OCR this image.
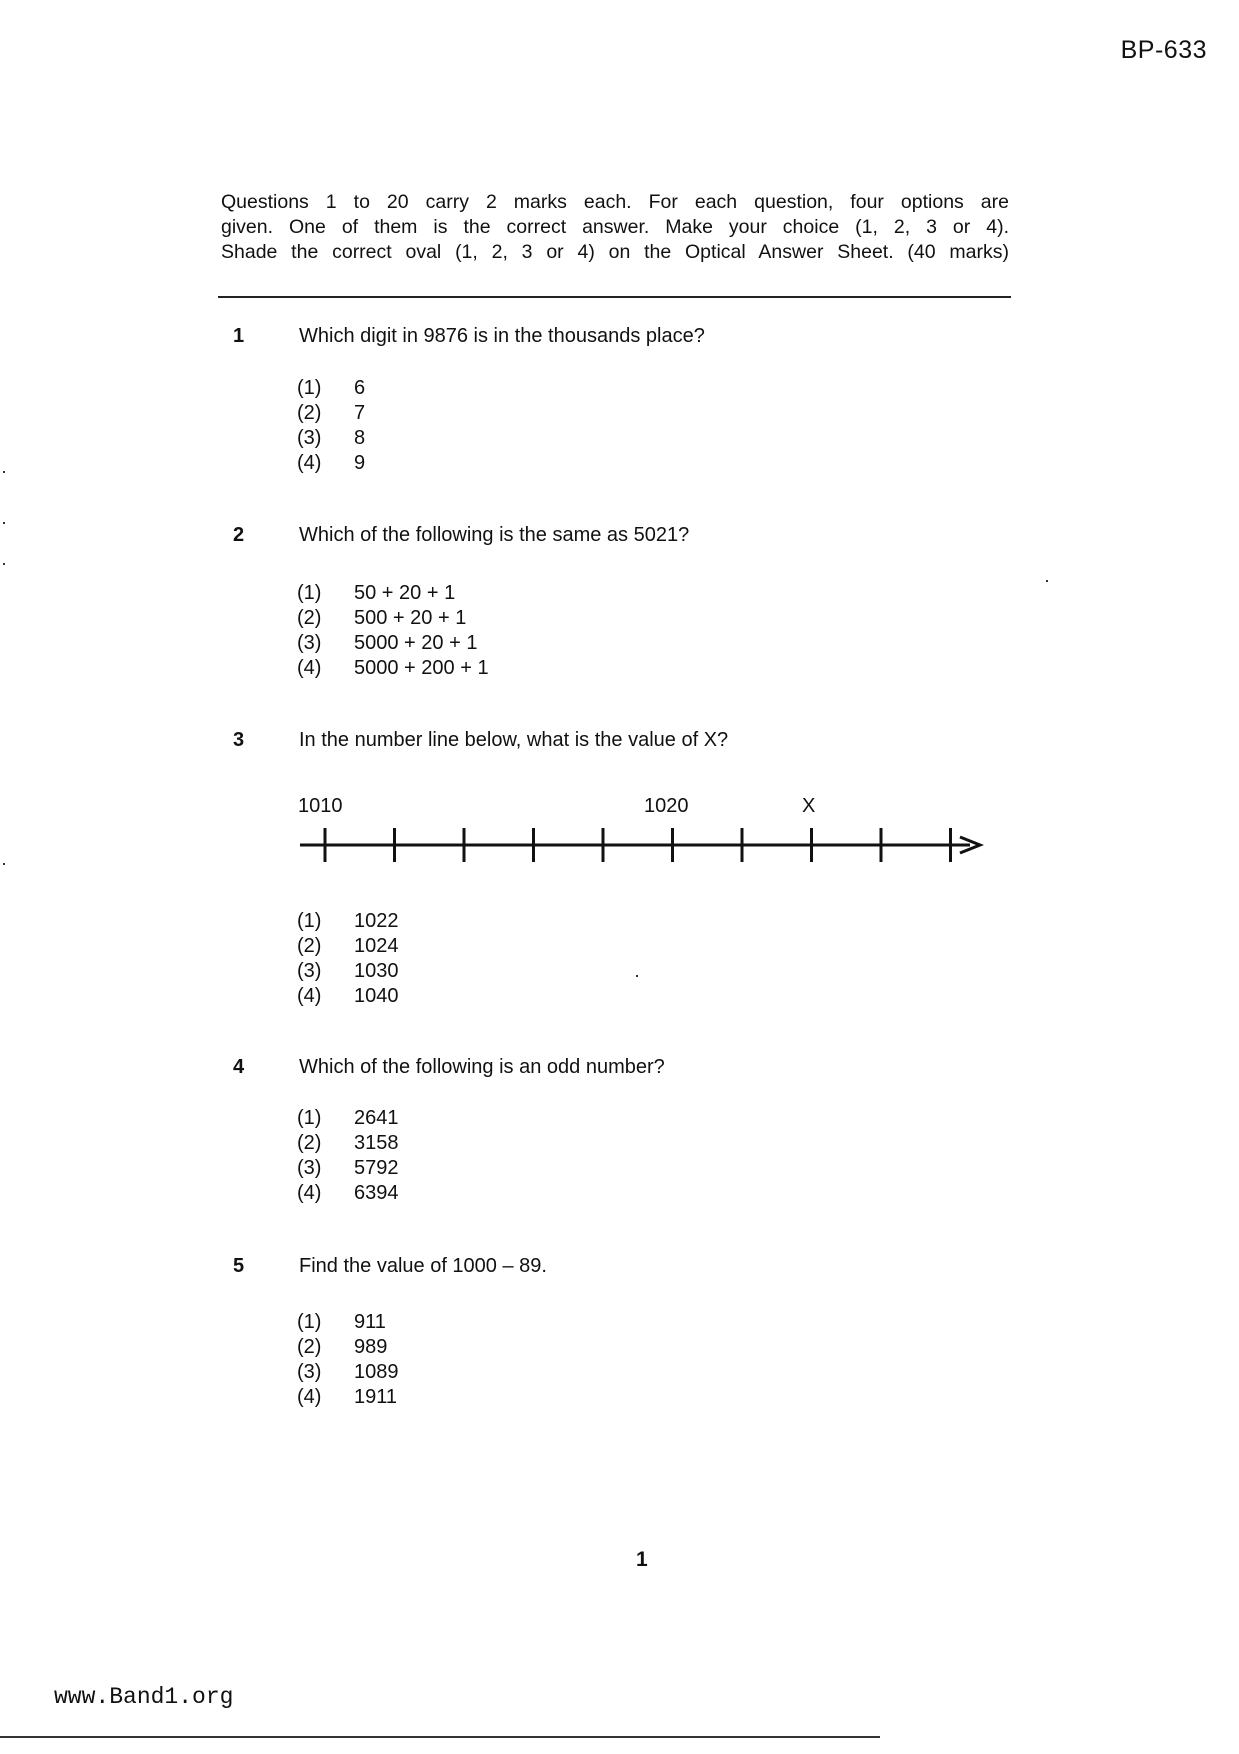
BP-633
Questions 1 to 20 carry 2 marks each. For each question, four options are
given. One of them is the correct answer. Make your choice (1, 2, 3 or 4).
Shade the correct oval (1, 2, 3 or 4) on the Optical Answer Sheet. (40 marks)
1	Which digit in 9876 is in the thousands place?
(1) 6
(2) 7
(3) 8
(4) 9
2	Which of the following is the same as 5021?
(1) 50 + 20 + 1
(2) 500 + 20 + 1
(3) 5000 + 20 + 1
(4) 5000 + 200 + 1
3	In the number line below, what is the value of X?
1010	1020	X
(1) 1022
(2) 1024
(3) 1030
(4) 1040
4	Which of the following is an odd number?
(1) 2641
(2) 3158
(3) 5792
(4) 6394
5	Find the value of 1000 – 89.
(1) 911
(2) 989
(3) 1089
(4) 1911
1
www.Band1.org
